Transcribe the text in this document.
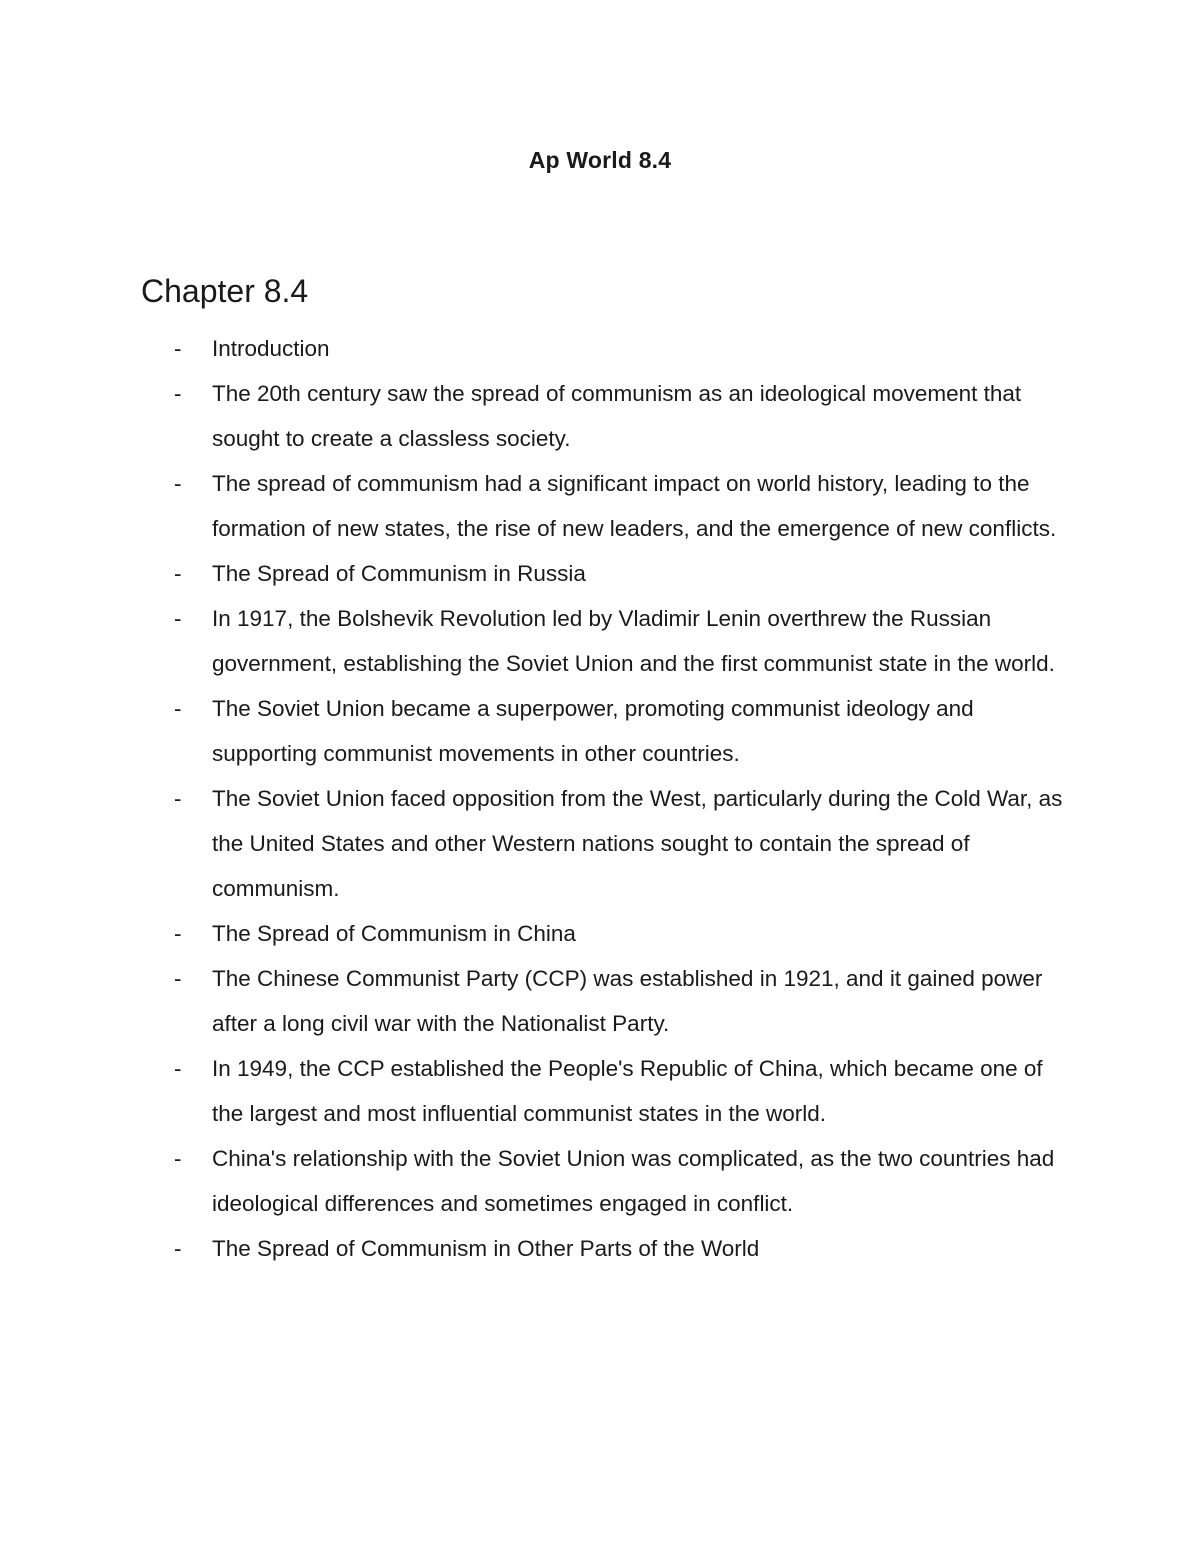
Ap World 8.4
Chapter 8.4
-	Introduction
-	The 20th century saw the spread of communism as an ideological movement that sought to create a classless society.
-	The spread of communism had a significant impact on world history, leading to the formation of new states, the rise of new leaders, and the emergence of new conflicts.
-	The Spread of Communism in Russia
-	In 1917, the Bolshevik Revolution led by Vladimir Lenin overthrew the Russian government, establishing the Soviet Union and the first communist state in the world.
-	The Soviet Union became a superpower, promoting communist ideology and supporting communist movements in other countries.
-	The Soviet Union faced opposition from the West, particularly during the Cold War, as the United States and other Western nations sought to contain the spread of communism.
-	The Spread of Communism in China
-	The Chinese Communist Party (CCP) was established in 1921, and it gained power after a long civil war with the Nationalist Party.
-	In 1949, the CCP established the People's Republic of China, which became one of the largest and most influential communist states in the world.
-	China's relationship with the Soviet Union was complicated, as the two countries had ideological differences and sometimes engaged in conflict.
-	The Spread of Communism in Other Parts of the World
